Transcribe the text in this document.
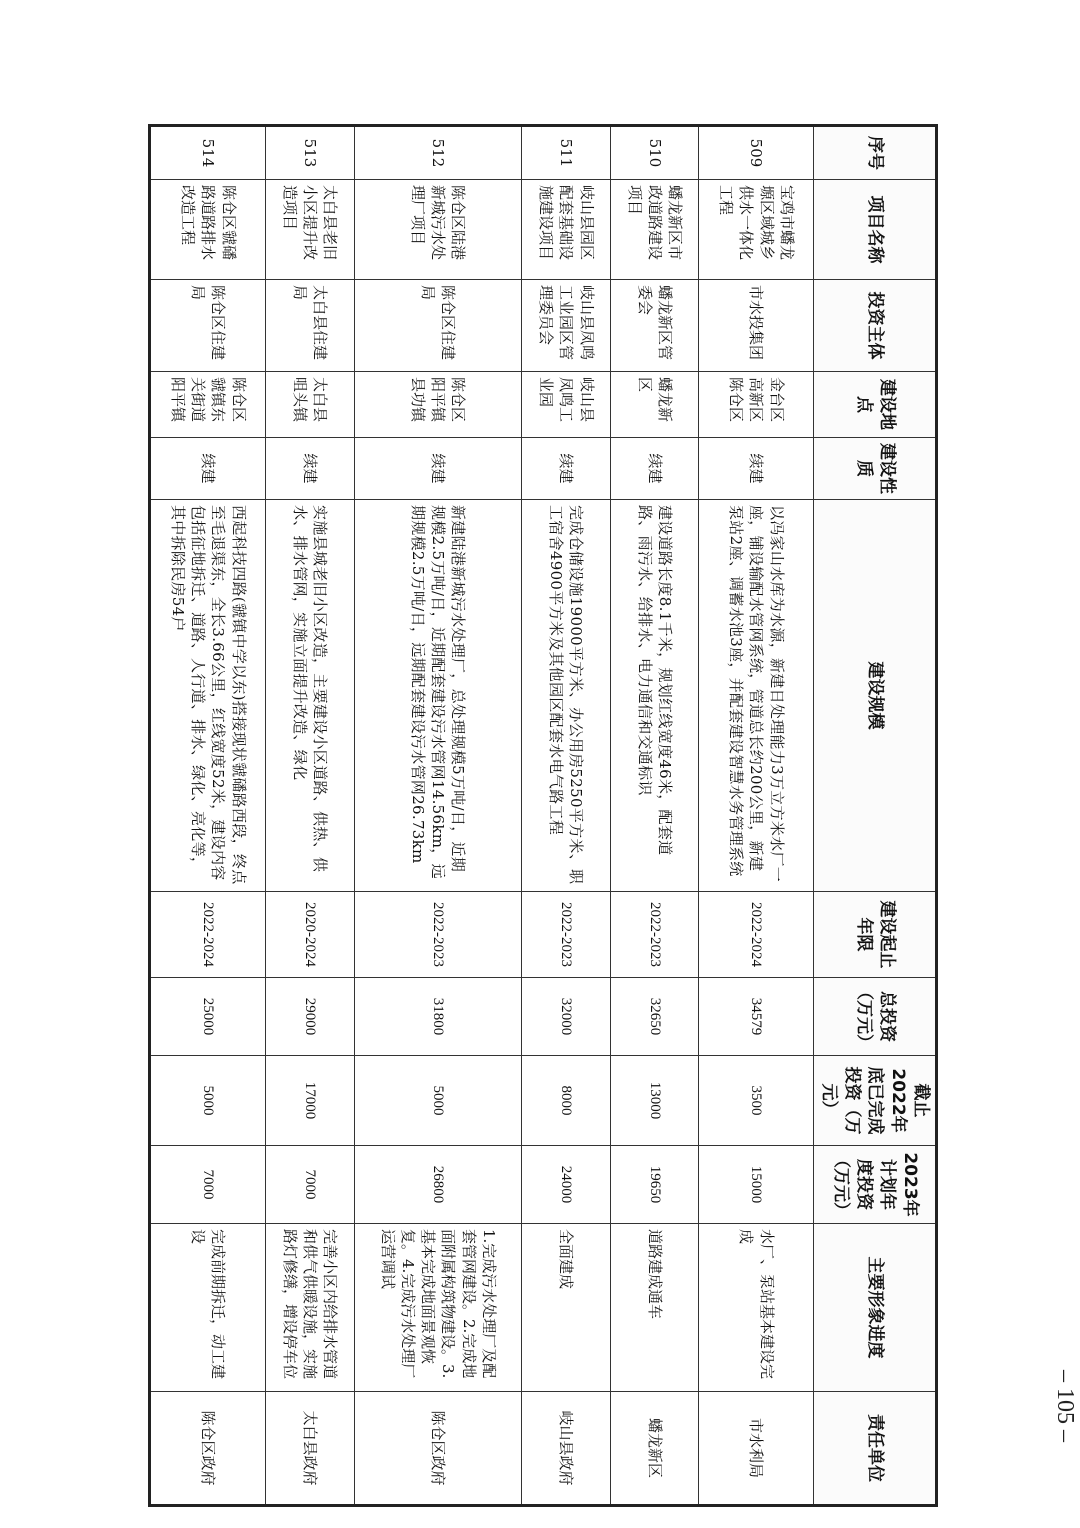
序号	项目名称	投资主体	建设地点	建设性质	建设规模	建设起止年限	总投资（万元）	截止2022年底已完成投资（万元）	2023年计划年度投资（万元）	主要形象进度	责任单位
509	宝鸡市蟠龙塬区域城乡供水一体化工程	市水投集团	金台区高新区陈仓区	续建	以冯家山水库为水源，新建日处理能力3万立方米水厂一座，铺设输配水管网系统，管道总长约200公里，新建泵站2座、调蓄水池3座，并配套建设智慧水务管理系统	2022-2024	34579	3500	15000	水厂、泵站基本建设完成	市水利局
510	蟠龙新区市政道路建设项目	蟠龙新区管委会	蟠龙新区	续建	建设道路长度8.1千米，规划红线宽度46米，配套道路、雨污水、给排水、电力通信和交通标识	2022-2023	32650	13000	19650	道路建成通车	蟠龙新区
511	岐山县园区配套基础设施建设项目	岐山县凤鸣工业园区管理委员会	岐山县凤鸣工业园	续建	完成仓储设施19000平方米、办公用房5250平方米、职工宿舍4900平方米及其他园区配套水电气路工程	2022-2023	32000	8000	24000	全面建成	岐山县政府
512	陈仓区陆港新城污水处理厂项目	陈仓区住建局	陈仓区阳平镇县功镇	续建	新建陆港新城污水处理厂，总处理规模5万吨/日，近期规模2.5万吨/日，近期配套建设污水管网14.56km，远期规模2.5万吨/日，远期配套建设污水管网26.73km	2022-2023	31800	5000	26800	1.完成污水处理厂及配套管网建设。2.完成地面附属构筑物建设。3.基本完成地面景观恢复。4.完成污水处理厂运营调试	陈仓区政府
513	太白县老旧小区提升改造项目	太白县住建局	太白县咀头镇	续建	实施县城老旧小区改造，主要建设小区道路、供热、供水、排水管网，实施立面提升改造、绿化	2020-2024	29000	17000	7000	完善小区内给排水管道和供气供暖设施，实施路灯修缮，增设停车位	太白县政府
514	陈仓区虢磻路道路排水改造工程	陈仓区住建局	陈仓区虢镇东关街道阳平镇	续建	西起科技四路(虢镇中学以东)搭接现状虢磻路西段，终点至毛退渠东，全长3.66公里，红线宽度52米，建设内容包括征地拆迁、道路、人行道、排水、绿化、亮化等，其中拆除民房54户	2022-2024	25000	5000	7000	完成前期拆迁，动工建设	陈仓区政府
– 105 –
